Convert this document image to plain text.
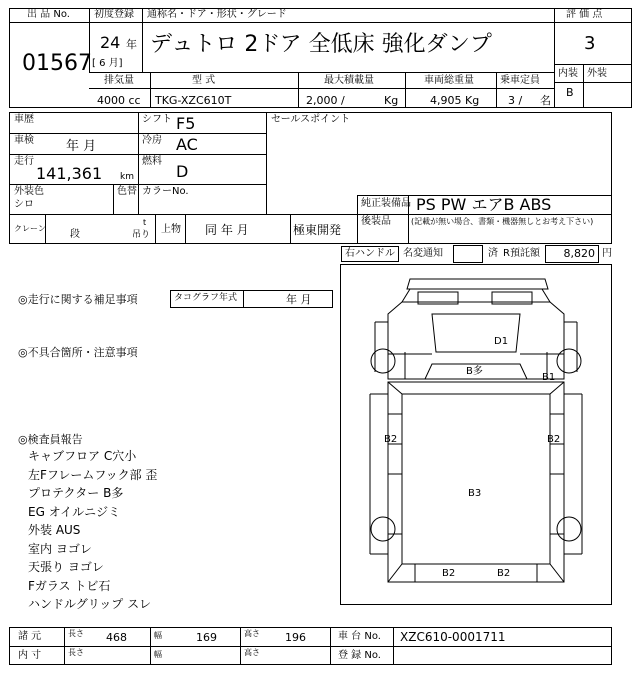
出 品 No.
01567
初度登録
24 年
[ 6 月]
通称名・ドア・形状・グレード
デュトロ 2ドア 全低床 強化ダンプ
評 価 点
3
内装 外装
B
排気量
4000 cc
型 式
TKG-XZC610T
最大積載量
2,000 /	Kg
車両総重量
4,905 Kg
乗車定員
3 / 名
車歴
車検 年 月
走行
141,361 km
シフト F5
冷房 AC
燃料
D
セールスポイント
外装色
シロ
色替 カラーNo.
純正装備品 PS PW エアB ABS
後装品	(記載が無い場合、書類・機器無しとお考え下さい)
クレーン
段
t
吊り 上物 同 年 月	極東開発
右ハンドル 名変通知	済 R預託額	8,820 円
◎走行に関する補足事項	タコグラフ年式	年 月
◎不具合箇所・注意事項
◎検査員報告
キャブフロア C穴小
左Fフレームフック部 歪
プロテクター B多
EG オイルニジミ
外装 AUS
室内 ヨゴレ
天張り ヨゴレ
Fガラス トビ石
ハンドルグリップ スレ
D1
B多
B1
B2	B2
B3
B2	B2
諸 元	長さ 468	幅	169	高さ 196	車 台 No. XZC610-0001711
内 寸	長さ	幅	高さ	登 録 No.
